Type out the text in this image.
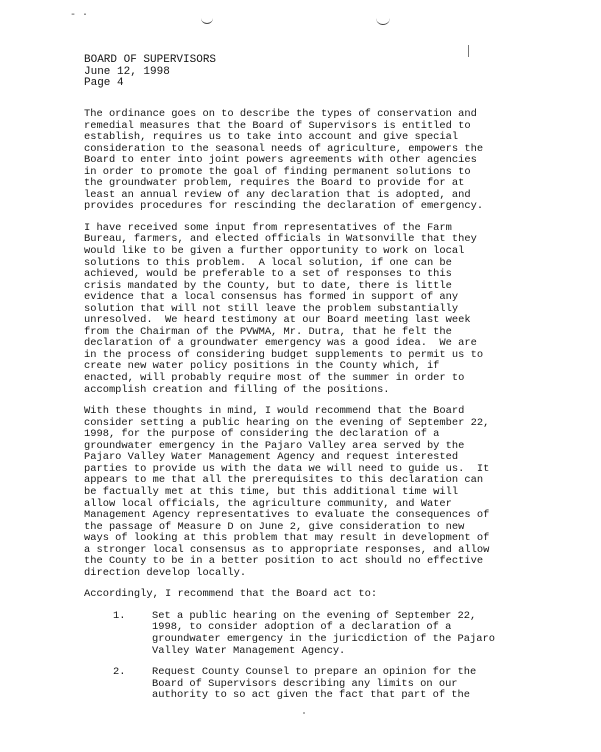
- ·
BOARD OF SUPERVISORS
June 12, 1998
Page 4
The ordinance goes on to describe the types of conservation and
remedial measures that the Board of Supervisors is entitled to
establish, requires us to take into account and give special
consideration to the seasonal needs of agriculture, empowers the
Board to enter into joint powers agreements with other agencies
in order to promote the goal of finding permanent solutions to
the groundwater problem, requires the Board to provide for at
least an annual review of any declaration that is adopted, and
provides procedures for rescinding the declaration of emergency.
I have received some input from representatives of the Farm
Bureau, farmers, and elected officials in Watsonville that they
would like to be given a further opportunity to work on local
solutions to this problem.  A local solution, if one can be
achieved, would be preferable to a set of responses to this
crisis mandated by the County, but to date, there is little
evidence that a local consensus has formed in support of any
solution that will not still leave the problem substantially
unresolved.  We heard testimony at our Board meeting last week
from the Chairman of the PVWMA, Mr. Dutra, that he felt the
declaration of a groundwater emergency was a good idea.  We are
in the process of considering budget supplements to permit us to
create new water policy positions in the County which, if
enacted, will probably require most of the summer in order to
accomplish creation and filling of the positions.
With these thoughts in mind, I would recommend that the Board
consider setting a public hearing on the evening of September 22,
1998, for the purpose of considering the declaration of a
groundwater emergency in the Pajaro Valley area served by the
Pajaro Valley Water Management Agency and request interested
parties to provide us with the data we will need to guide us.  It
appears to me that all the prerequisites to this declaration can
be factually met at this time, but this additional time will
allow local officials, the agriculture community, and Water
Management Agency representatives to evaluate the consequences of
the passage of Measure D on June 2, give consideration to new
ways of looking at this problem that may result in development of
a stronger local consensus as to appropriate responses, and allow
the County to be in a better position to act should no effective
direction develop locally.
Accordingly, I recommend that the Board act to:
1.	Set a public hearing on the evening of September 22,
1998, to consider adoption of a declaration of a
groundwater emergency in the juricdiction of the Pajaro
Valley Water Management Agency.
2.	Request County Counsel to prepare an opinion for the
Board of Supervisors describing any limits on our
authority to so act given the fact that part of the
